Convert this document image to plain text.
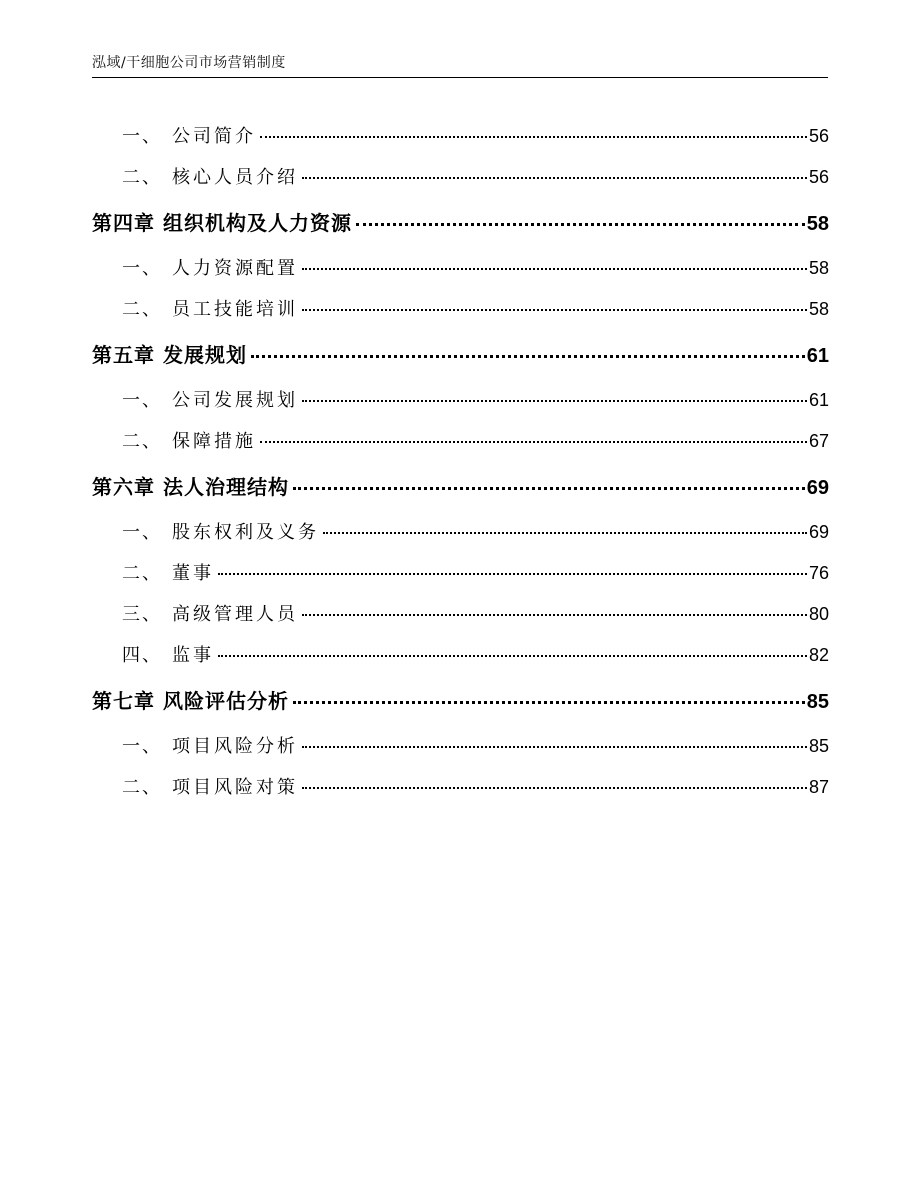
泓域/干细胞公司市场营销制度
一、 公司简介	56
二、 核心人员介绍	56
第四章 组织机构及人力资源	58
一、 人力资源配置	58
二、 员工技能培训	58
第五章 发展规划	61
一、 公司发展规划	61
二、 保障措施	67
第六章 法人治理结构	69
一、 股东权利及义务	69
二、 董事	76
三、 高级管理人员	80
四、 监事	82
第七章 风险评估分析	85
一、 项目风险分析	85
二、 项目风险对策	87
